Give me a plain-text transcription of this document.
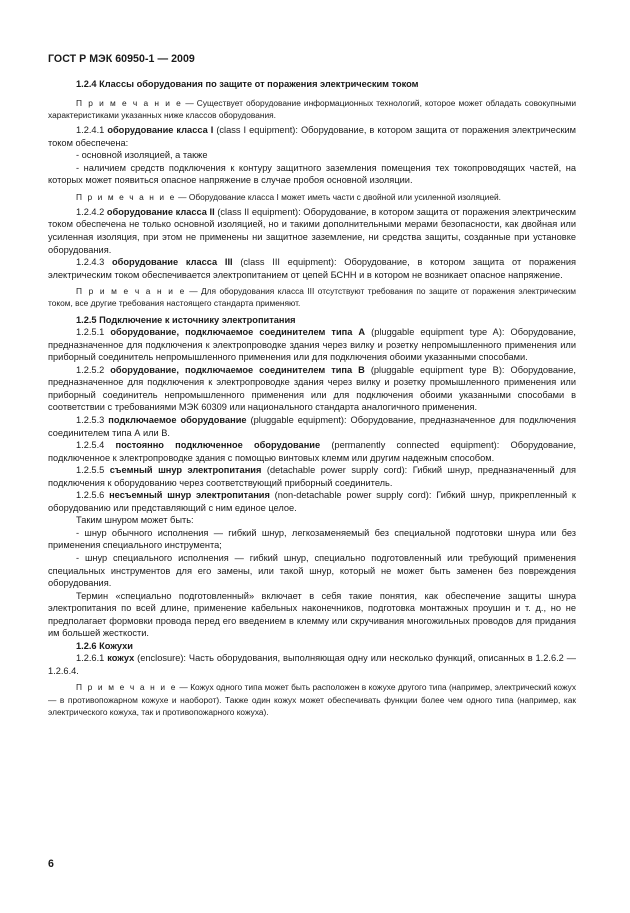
ГОСТ Р МЭК 60950-1 — 2009

1.2.4 Классы оборудования по защите от поражения электрическим током

П р и м е ч а н и е — Существует оборудование информационных технологий, которое может обладать совокупными характеристиками указанных ниже классов оборудования.

1.2.4.1 оборудование класса I (class I equipment): Оборудование, в котором защита от поражения электрическим током обеспечена:

- основной изоляцией, а также

- наличием средств подключения к контуру защитного заземления помещения тех токопроводящих частей, на которых может появиться опасное напряжение в случае пробоя основной изоляции.

П р и м е ч а н и е — Оборудование класса I может иметь части с двойной или усиленной изоляцией.

1.2.4.2 оборудование класса II (class II equipment): Оборудование, в котором защита от поражения электрическим током обеспечена не только основной изоляцией, но и такими дополнительными мерами безопасности, как двойная или усиленная изоляция, при этом не применены ни защитное заземление, ни средства защиты, созданные при установке оборудования.

1.2.4.3 оборудование класса III (class III equipment): Оборудование, в котором защита от поражения электрическим током обеспечивается электропитанием от цепей БСНН и в котором не возникает опасное напряжение.

П р и м е ч а н и е — Для оборудования класса III отсутствуют требования по защите от поражения электрическим током, все другие требования настоящего стандарта применяют.

1.2.5 Подключение к источнику электропитания

1.2.5.1 оборудование, подключаемое соединителем типа А (pluggable equipment type A): Оборудование, предназначенное для подключения к электропроводке здания через вилку и розетку непромышленного применения или приборный соединитель непромышленного применения или для подключения обоими указанными способами.

1.2.5.2 оборудование, подключаемое соединителем типа В (pluggable equipment type B): Оборудование, предназначенное для подключения к электропроводке здания через вилку и розетку промышленного применения или приборный соединитель непромышленного применения или для подключения обоими указанными способами в соответствии с требованиями МЭК 60309 или национального стандарта аналогичного применения.

1.2.5.3 подключаемое оборудование (pluggable equipment): Оборудование, предназначенное для подключения соединителем типа А или В.

1.2.5.4 постоянно подключенное оборудование (permanently connected equipment): Оборудование, подключенное к электропроводке здания с помощью винтовых клемм или другим надежным способом.

1.2.5.5 съемный шнур электропитания (detachable power supply cord): Гибкий шнур, предназначенный для подключения к оборудованию через соответствующий приборный соединитель.

1.2.5.6 несъемный шнур электропитания (non-detachable power supply cord): Гибкий шнур, прикрепленный к оборудованию или представляющий с ним единое целое.

Таким шнуром может быть:

- шнур обычного исполнения — гибкий шнур, легкозаменяемый без специальной подготовки шнура или без применения специального инструмента;

- шнур специального исполнения — гибкий шнур, специально подготовленный или требующий применения специальных инструментов для его замены, или такой шнур, который не может быть заменен без повреждения оборудования.

Термин «специально подготовленный» включает в себя такие понятия, как обеспечение защиты шнура электропитания по всей длине, применение кабельных наконечников, подготовка монтажных проушин и т. д., но не предполагает формовки провода перед его введением в клемму или скручивания многожильных проводов для придания им большей жесткости.

1.2.6 Кожухи

1.2.6.1 кожух (enclosure): Часть оборудования, выполняющая одну или несколько функций, описанных в 1.2.6.2 — 1.2.6.4.

П р и м е ч а н и е — Кожух одного типа может быть расположен в кожухе другого типа (например, электрический кожух — в противопожарном кожухе и наоборот). Также один кожух может обеспечивать функции более чем одного типа (например, как электрического кожуха, так и противопожарного кожуха).

6
